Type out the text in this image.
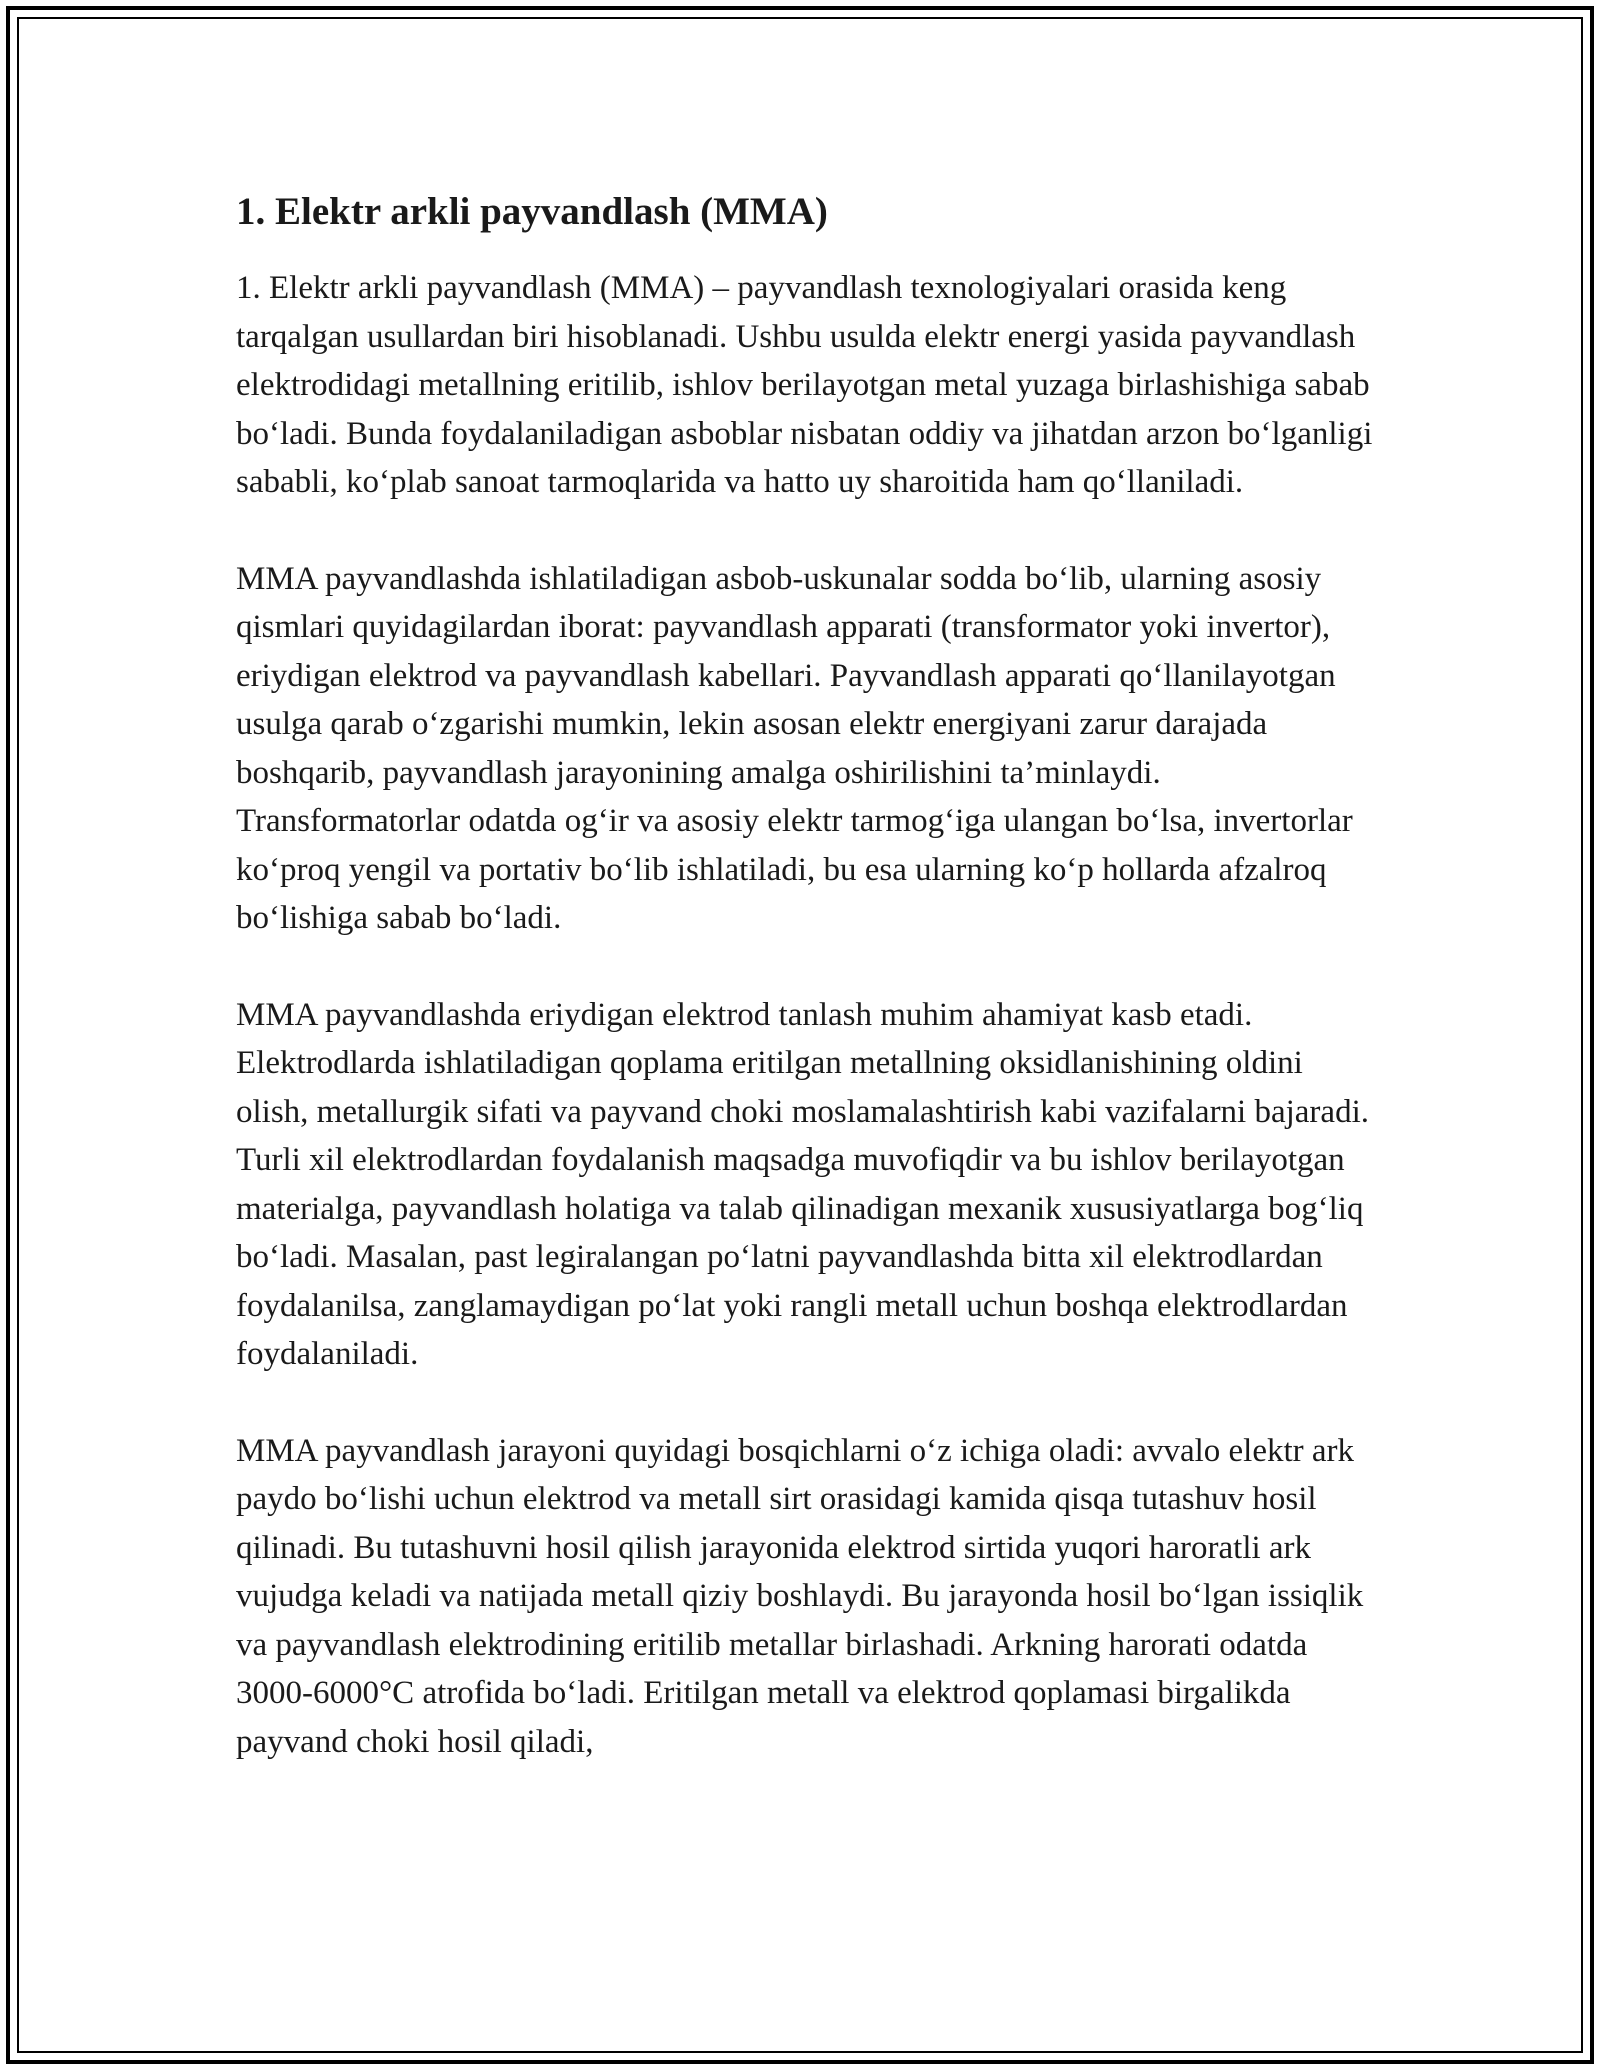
1. Elektr arkli payvandlash (MMA)

1. Elektr arkli payvandlash (MMA) – payvandlash texnologiyalari orasida keng tarqalgan usullardan biri hisoblanadi. Ushbu usulda elektr energi yasida payvandlash elektrodidagi metallning eritilib, ishlov berilayotgan metal yuzaga birlashishiga sabab boʻladi. Bunda foydalaniladigan asboblar nisbatan oddiy va jihatdan arzon boʻlganligi sababli, koʻplab sanoat tarmoqlarida va hatto uy sharoitida ham qoʻllaniladi.

MMA payvandlashda ishlatiladigan asbob-uskunalar sodda boʻlib, ularning asosiy qismlari quyidagilardan iborat: payvandlash apparati (transformator yoki invertor), eriydigan elektrod va payvandlash kabellari. Payvandlash apparati qoʻllanilayotgan usulga qarab oʻzgarishi mumkin, lekin asosan elektr energiyani zarur darajada boshqarib, payvandlash jarayonining amalga oshirilishini ta’minlaydi. Transformatorlar odatda ogʻir va asosiy elektr tarmogʻiga ulangan boʻlsa, invertorlar koʻproq yengil va portativ boʻlib ishlatiladi, bu esa ularning koʻp hollarda afzalroq boʻlishiga sabab boʻladi.

MMA payvandlashda eriydigan elektrod tanlash muhim ahamiyat kasb etadi. Elektrodlarda ishlatiladigan qoplama eritilgan metallning oksidlanishining oldini olish, metallurgik sifati va payvand choki moslamalashtirish kabi vazifalarni bajaradi. Turli xil elektrodlardan foydalanish maqsadga muvofiqdir va bu ishlov berilayotgan materialga, payvandlash holatiga va talab qilinadigan mexanik xususiyatlarga bogʻliq boʻladi. Masalan, past legiralangan poʻlatni payvandlashda bitta xil elektrodlardan foydalanilsa, zanglamaydigan poʻlat yoki rangli metall uchun boshqa elektrodlardan foydalaniladi.

MMA payvandlash jarayoni quyidagi bosqichlarni oʻz ichiga oladi: avvalo elektr ark paydo boʻlishi uchun elektrod va metall sirt orasidagi kamida qisqa tutashuv hosil qilinadi. Bu tutashuvni hosil qilish jarayonida elektrod sirtida yuqori haroratli ark vujudga keladi va natijada metall qiziy boshlaydi. Bu jarayonda hosil boʻlgan issiqlik va payvandlash elektrodining eritilib metallar birlashadi. Arkning harorati odatda 3000-6000°C atrofida boʻladi. Eritilgan metall va elektrod qoplamasi birgalikda payvand choki hosil qiladi,
